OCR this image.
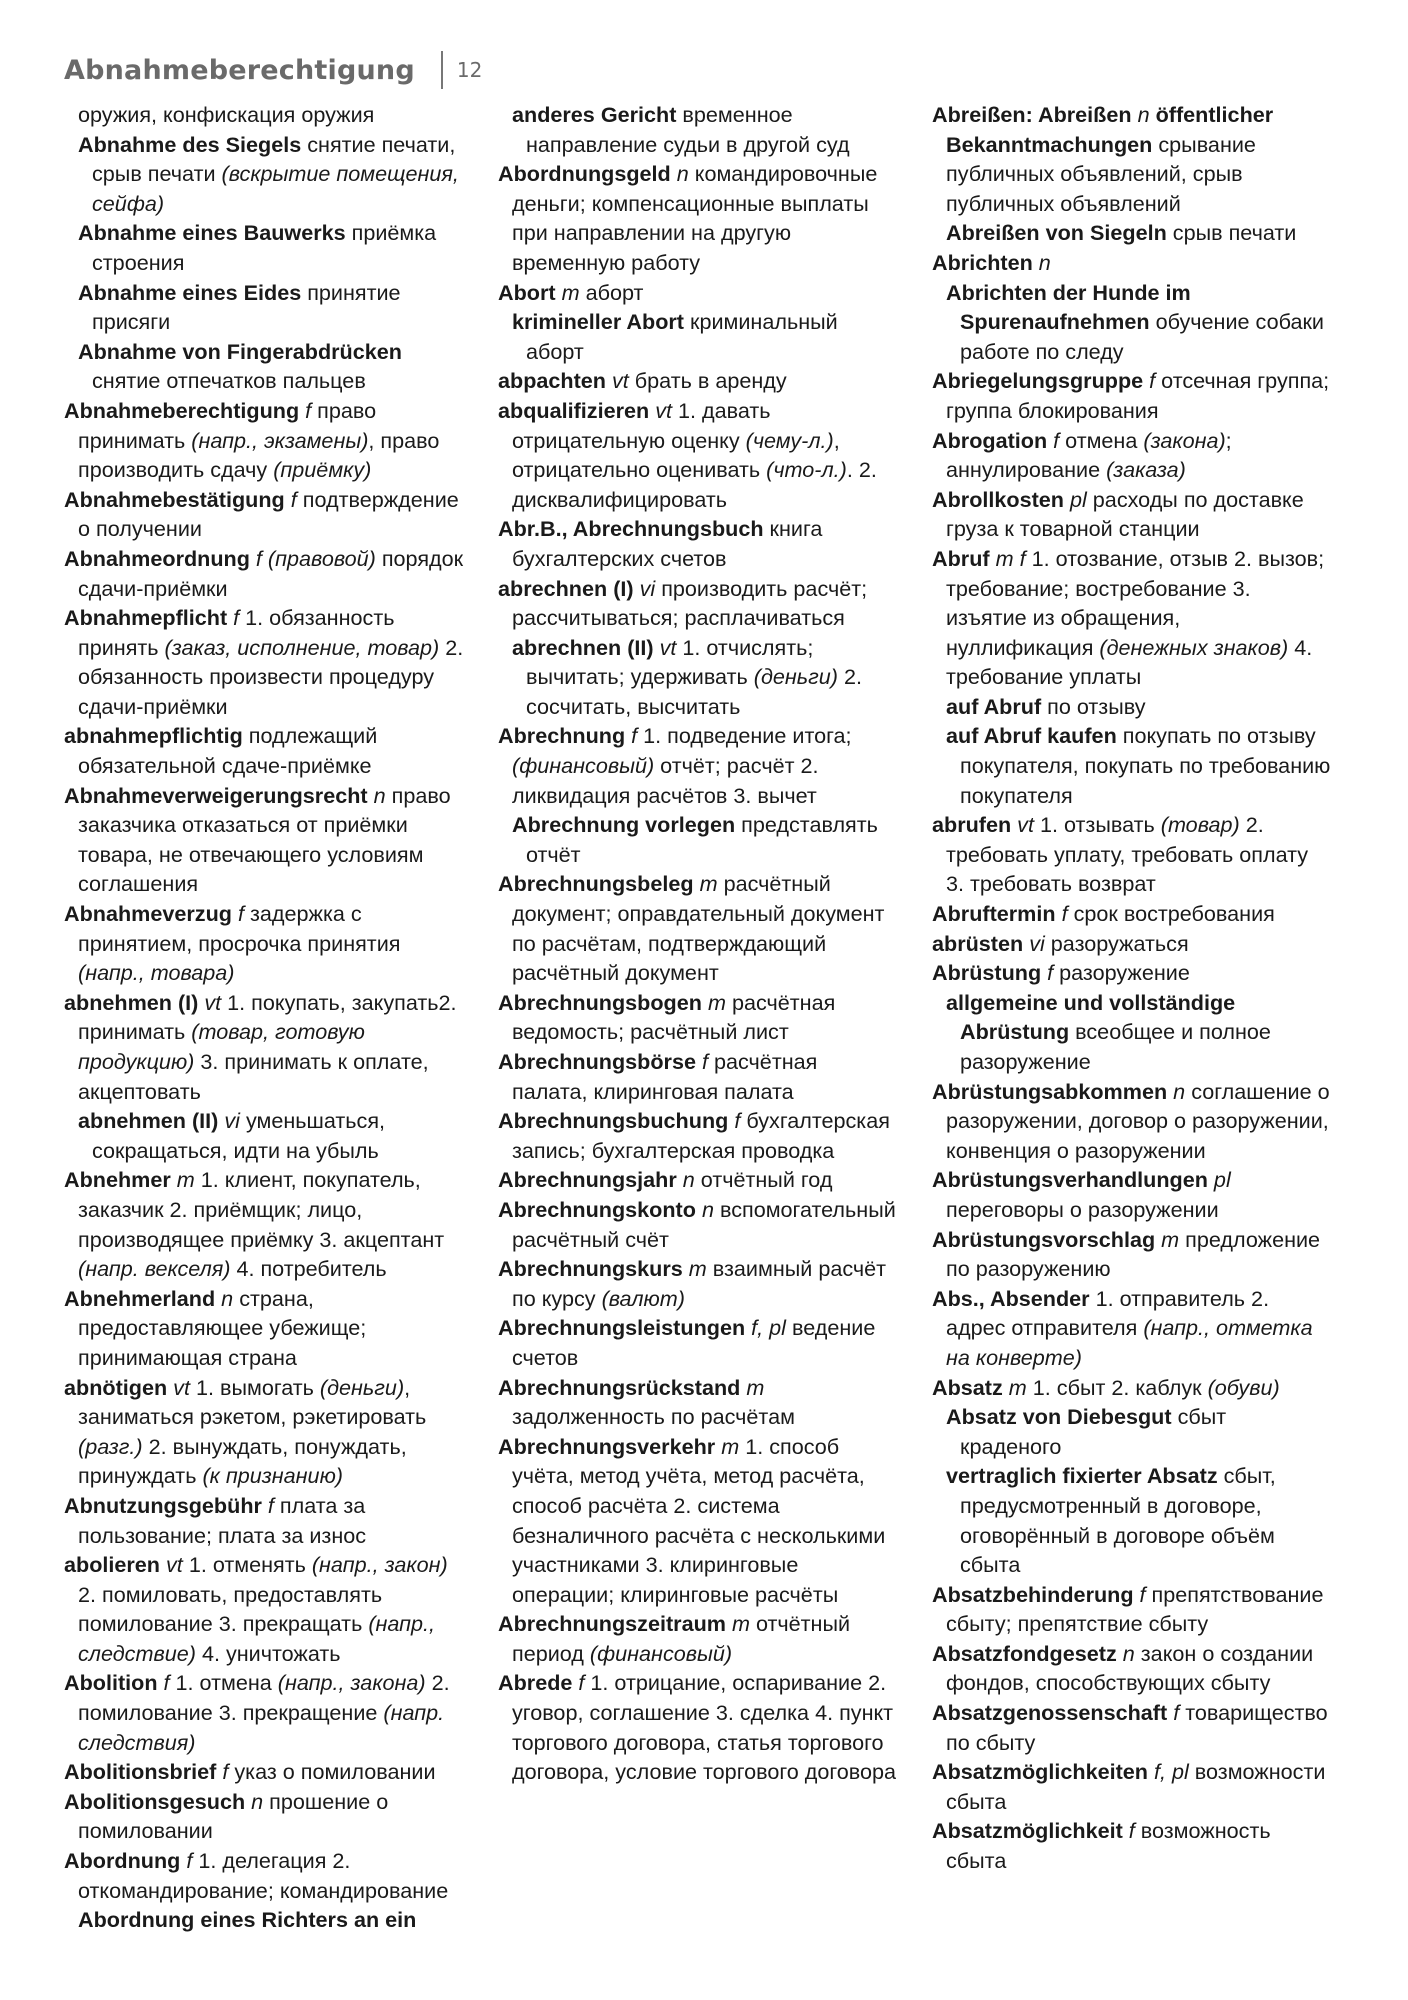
Abnahmeberechtigung 12

оружия, конфискация оружия

Abnahme des Siegels снятие печати, срыв печати (вскрытие помещения, сейфа)

Abnahme eines Bauwerks приёмка строения

Abnahme eines Eides принятие присяги

Abnahme von Fingerabdrücken снятие отпечатков пальцев

Abnahmeberechtigung f право принимать (напр., экзамены), право производить сдачу (приёмку)

Abnahmebestätigung f подтверждение о получении

Abnahmeordnung f (правовой) порядок сдачи-приёмки

Abnahmepflicht f 1. обязанность принять (заказ, исполнение, товар) 2. обязанность произвести процедуру сдачи-приёмки

abnahmepflichtig подлежащий обязательной сдаче-приёмке

Abnahmeverweigerungsrecht n право заказчика отказаться от приёмки товара, не отвечающего условиям соглашения

Abnahmeverzug f задержка с принятием, просрочка принятия (напр., товара)

abnehmen (I) vt 1. покупать, закупать2. принимать (товар, готовую продукцию) 3. принимать к оплате, акцептовать

abnehmen (II) vi уменьшаться, сокращаться, идти на убыль

Abnehmer m 1. клиент, покупатель, заказчик 2. приёмщик; лицо, производящее приёмку 3. акцептант (напр. векселя) 4. потребитель

Abnehmerland n страна, предоставляющее убежище; принимающая страна

abnötigen vt 1. вымогать (деньги), заниматься рэкетом, рэкетировать (разг.) 2. вынуждать, понуждать, принуждать (к признанию)

Abnutzungsgebühr f плата за пользование; плата за износ

abolieren vt 1. отменять (напр., закон) 2. помиловать, предоставлять помилование 3. прекращать (напр., следствие) 4. уничтожать

Abolition f 1. отмена (напр., закона) 2. помилование 3. прекращение (напр. следствия)

Abolitionsbrief f указ о помиловании

Abolitionsgesuch n прошение о помиловании

Abordnung f 1. делегация 2. откомандирование; командирование

Abordnung eines Richters an ein

anderes Gericht временное направление судьи в другой суд

Abordnungsgeld n командировочные деньги; компенсационные выплаты при направлении на другую временную работу

Abort m аборт

krimineller Abort криминальный аборт

abpachten vt брать в аренду

abqualifizieren vt 1. давать отрицательную оценку (чему-л.), отрицательно оценивать (что-л.). 2. дисквалифицировать

Abr.B., Abrechnungsbuch книга бухгалтерских счетов

abrechnen (I) vi производить расчёт; рассчитываться; расплачиваться

abrechnen (II) vt 1. отчислять; вычитать; удерживать (деньги) 2. сосчитать, высчитать

Abrechnung f 1. подведение итога; (финансовый) отчёт; расчёт 2. ликвидация расчётов 3. вычет

Abrechnung vorlegen представлять отчёт

Abrechnungsbeleg m расчётный документ; оправдательный документ по расчётам, подтверждающий расчётный документ

Abrechnungsbogen m расчётная ведомость; расчётный лист

Abrechnungsbörse f расчётная палата, клиринговая палата

Abrechnungsbuchung f бухгалтерская запись; бухгалтерская проводка

Abrechnungsjahr n отчётный год

Abrechnungskonto n вспомогательный расчётный счёт

Abrechnungskurs m взаимный расчёт по курсу (валют)

Abrechnungsleistungen f, pl ведение счетов

Abrechnungsrückstand m задолженность по расчётам

Abrechnungsverkehr m 1. способ учёта, метод учёта, метод расчёта, способ расчёта 2. система безналичного расчёта с несколькими участниками 3. клиринговые операции; клиринговые расчёты

Abrechnungszeitraum m отчётный период (финансовый)

Abrede f 1. отрицание, оспаривание 2. уговор, соглашение 3. сделка 4. пункт торгового договора, статья торгового договора, условие торгового договора

Abreißen: Abreißen n öffentlicher Bekanntmachungen срывание публичных объявлений, срыв публичных объявлений

Abreißen von Siegeln срыв печати

Abrichten n

Abrichten der Hunde im Spurenaufnehmen обучение собаки работе по следу

Abriegelungsgruppe f отсечная группа; группа блокирования

Abrogation f отмена (закона); аннулирование (заказа)

Abrollkosten pl расходы по доставке груза к товарной станции

Abruf m f 1. отозвание, отзыв 2. вызов; требование; востребование 3. изъятие из обращения, нуллификация (денежных знаков) 4. требование уплаты

auf Abruf по отзыву

auf Abruf kaufen покупать по отзыву покупателя, покупать по требованию покупателя

abrufen vt 1. отзывать (товар) 2. требовать уплату, требовать оплату 3. требовать возврат

Abruftermin f срок востребования

abrüsten vi разоружаться

Abrüstung f разоружение

allgemeine und vollständige Abrüstung всеобщее и полное разоружение

Abrüstungsabkommen n соглашение о разоружении, договор о разоружении, конвенция о разоружении

Abrüstungsverhandlungen pl переговоры о разоружении

Abrüstungsvorschlag m предложение по разоружению

Abs., Absender 1. отправитель 2. адрес отправителя (напр., отметка на конверте)

Absatz m 1. сбыт 2. каблук (обуви)

Absatz von Diebesgut сбыт краденого

vertraglich fixierter Absatz сбыт, предусмотренный в договоре, оговорённый в договоре объём сбыта

Absatzbehinderung f препятствование сбыту; препятствие сбыту

Absatzfondgesetz n закон о создании фондов, способствующих сбыту

Absatzgenossenschaft f товарищество по сбыту

Absatzmöglichkeiten f, pl возможности сбыта

Absatzmöglichkeit f возможность сбыта
